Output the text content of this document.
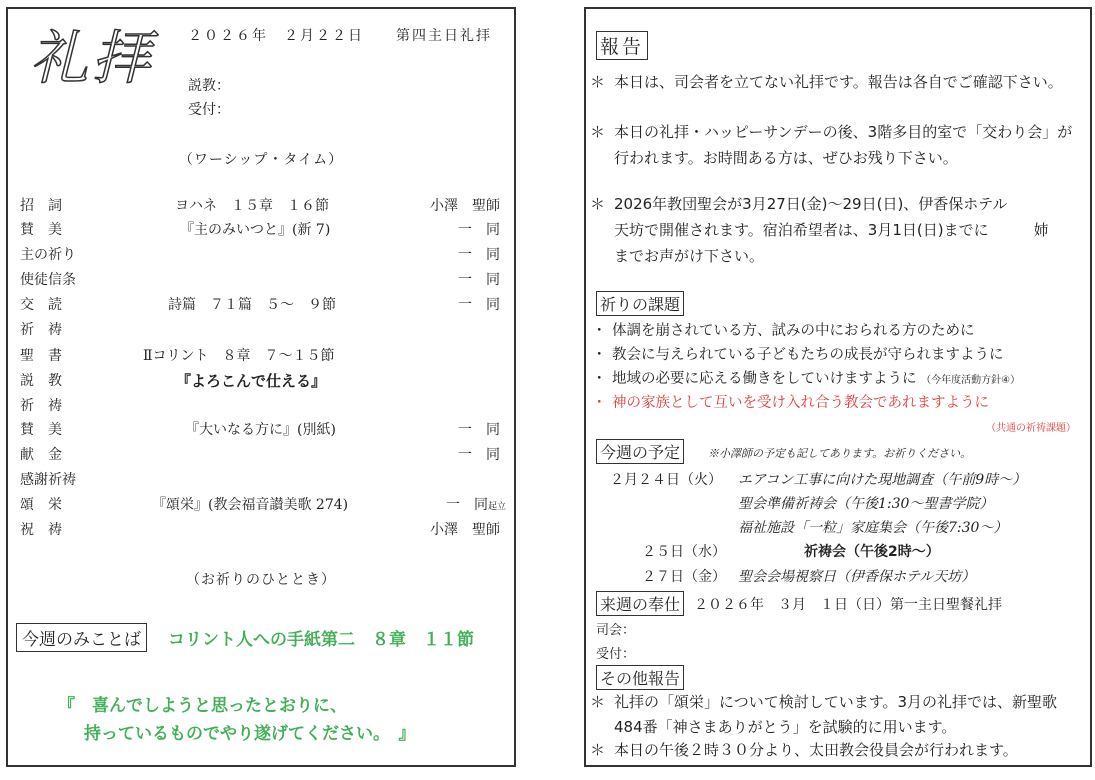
２０２６年　２月２２日　　第四主日礼拝
礼拝 説教：
受付：
（ワーシップ・タイム）
招　詞	ヨハネ　１５章　１６節	小澤　聖師
賛　美	『主のみいつと』(新 7)	一　同
主の祈り	一　同
使徒信条	一　同
交　読	詩篇　７１篇　５～　９節	一　同
祈　祷
聖　書	Ⅱコリント　８章　７～１５節
説　教	『よろこんで仕える』
祈　祷
賛　美	『大いなる方に』(別紙)	一　同
献　金	一　同
感謝祈祷
頌　栄	『頌栄』(教会福音讃美歌 274)	一　同起立
祝　祷	小澤　聖師
（お祈りのひととき）
今週のみことば	コリント人への手紙第二　８章　１１節
『　喜んでしようと思ったとおりに、
持っているものでやり遂げてください。　』
報告
＊ 本日は、司会者を立てない礼拝です。報告は各自でご確認下さい。
＊ 本日の礼拝・ハッピーサンデーの後、3階多目的室で「交わり会」が
行われます。お時間ある方は、ぜひお残り下さい。
＊ 2026年教団聖会が3月27日(金)～29日(日)、伊香保ホテル
天坊で開催されます。宿泊希望者は、3月1日(日)までに　　　姉
までお声がけ下さい。
祈りの課題
・ 体調を崩されている方、試みの中におられる方のために
・ 教会に与えられている子どもたちの成長が守られますように
・ 地域の必要に応える働きをしていけますように （今年度活動方針④）
・ 神の家族として互いを受け入れ合う教会であれますように
（共通の祈祷課題）
今週の予定	※小澤師の予定も記してあります。お祈りください。
２月２４日（火） エアコン工事に向けた現地調査（午前9時～）
聖会準備祈祷会（午後1:30～聖書学院）
福祉施設「一粒」家庭集会（午後7:30～）
２５日（水）	祈祷会（午後2時～）
２７日（金） 聖会会場視察日（伊香保ホテル天坊）
来週の奉仕 ２０２６年　３月　１日（日）第一主日聖餐礼拝
司会：
受付：
その他報告
＊ 礼拝の「頌栄」について検討しています。3月の礼拝では、新聖歌
484番「神さまありがとう」を試験的に用います。
＊ 本日の午後２時３０分より、太田教会役員会が行われます。
